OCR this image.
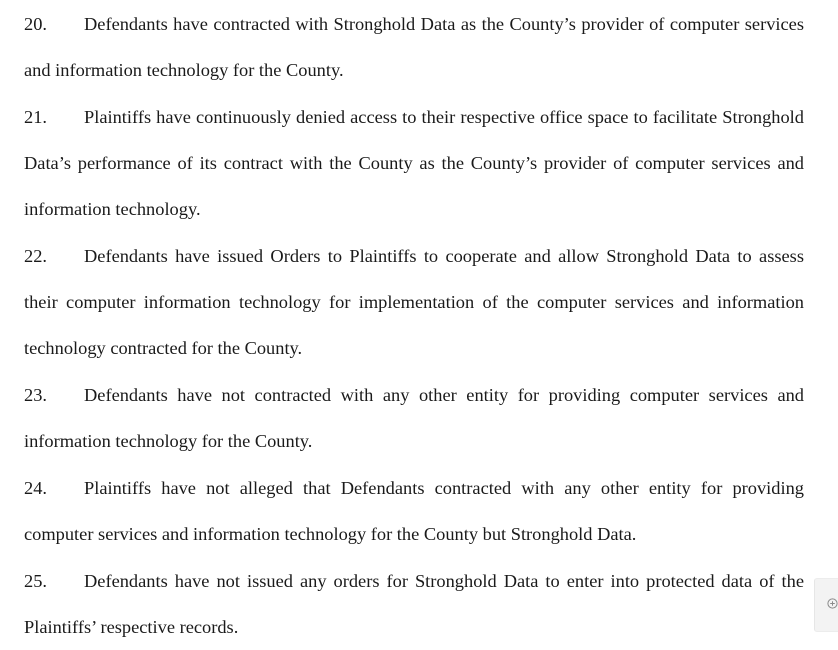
20. Defendants have contracted with Stronghold Data as the County’s provider of computer services and information technology for the County.

21. Plaintiffs have continuously denied access to their respective office space to facilitate Stronghold Data’s performance of its contract with the County as the County’s provider of computer services and information technology.

22. Defendants have issued Orders to Plaintiffs to cooperate and allow Stronghold Data to assess their computer information technology for implementation of the computer services and information technology contracted for the County.

23. Defendants have not contracted with any other entity for providing computer services and information technology for the County.

24. Plaintiffs have not alleged that Defendants contracted with any other entity for providing computer services and information technology for the County but Stronghold Data.

25. Defendants have not issued any orders for Stronghold Data to enter into protected data of the Plaintiffs’ respective records.
